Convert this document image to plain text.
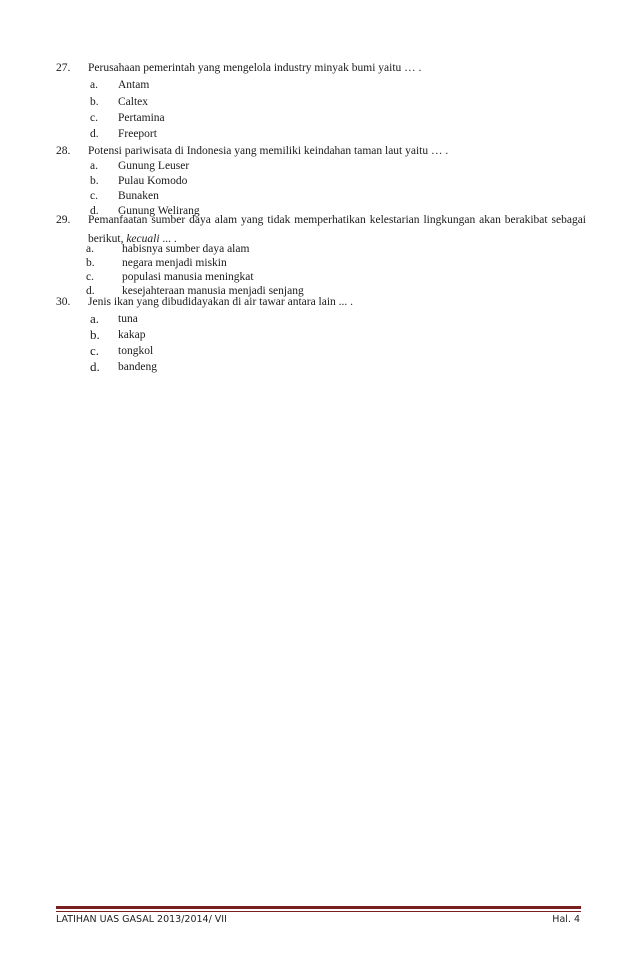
27. Perusahaan pemerintah yang mengelola industry minyak bumi yaitu … .
a. Antam
b. Caltex
c. Pertamina
d. Freeport
28. Potensi pariwisata di Indonesia yang memiliki keindahan taman laut yaitu … .
a. Gunung Leuser
b. Pulau Komodo
c. Bunaken
d. Gunung Welirang
29. Pemanfaatan sumber daya alam yang tidak memperhatikan kelestarian lingkungan akan berakibat sebagai berikut, kecuali ... .
a. habisnya sumber daya alam
b. negara menjadi miskin
c. populasi manusia meningkat
d. kesejahteraan manusia menjadi senjang
30. Jenis ikan yang dibudidayakan di air tawar antara lain ... .
a. tuna
b. kakap
c. tongkol
d. bandeng
LATIHAN UAS GASAL 2013/2014/ VII	Hal. 4
